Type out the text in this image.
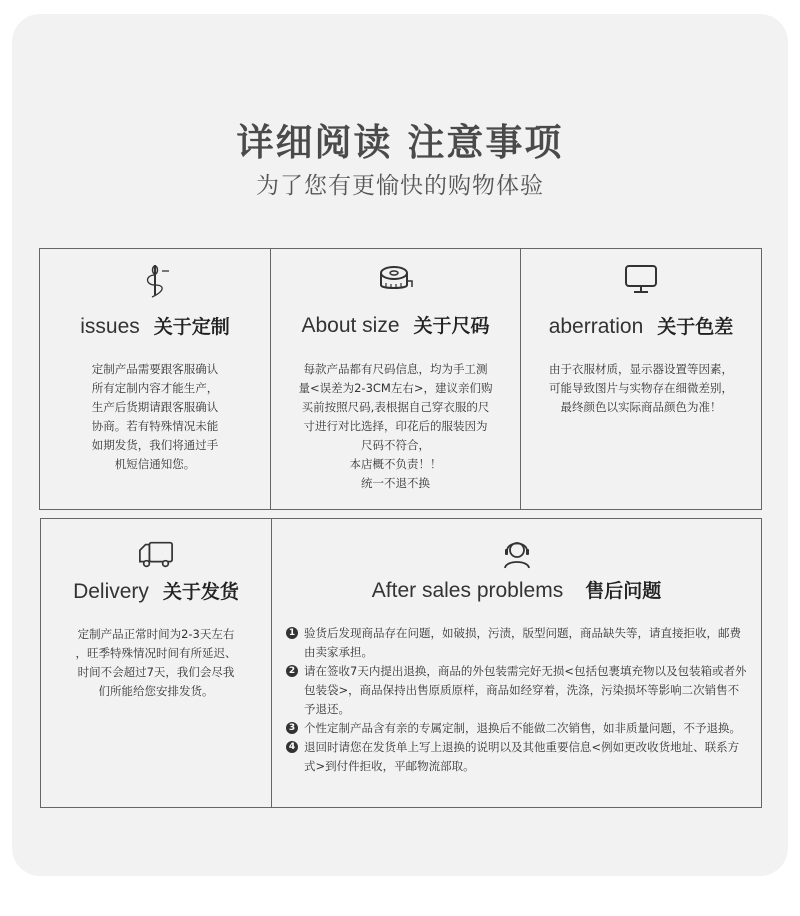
详细阅读 注意事项
为了您有更愉快的购物体验
issues 关于定制

定制产品需要跟客服确认

所有定制内容才能生产，

生产后货期请跟客服确认

协商。若有特殊情况未能

如期发货，我们将通过手

机短信通知您。

About size 关于尺码

每款产品都有尺码信息，均为手工测

量<误差为2-3CM左右>，建议亲们购

买前按照尺码,表根据自己穿衣服的尺

寸进行对比选择，印花后的服装因为

尺码不符合，

本店概不负责！！

统一不退不换

aberration 关于色差

由于衣服材质，显示器设置等因素，

可能导致图片与实物存在细微差别，

最终颜色以实际商品颜色为准！

Delivery 关于发货

定制产品正常时间为2-3天左右

，旺季特殊情况时间有所延迟、

时间不会超过7天，我们会尽我

们所能给您安排发货。

After sales problems 售后问题
1 验货后发现商品存在问题，如破损，污渍，版型问题，商品缺失等，请直接拒收，邮费由卖家承担。
2 请在签收7天内提出退换，商品的外包装需完好无损<包括包裹填充物以及包装箱或者外包装袋>，商品保持出售原质原样，商品如经穿着，洗涤，污染损坏等影响二次销售不予退还。
3 个性定制产品含有亲的专属定制，退换后不能做二次销售，如非质量问题，不予退换。
4 退回时请您在发货单上写上退换的说明以及其他重要信息<例如更改收货地址、联系方式>到付件拒收，平邮物流部取。
